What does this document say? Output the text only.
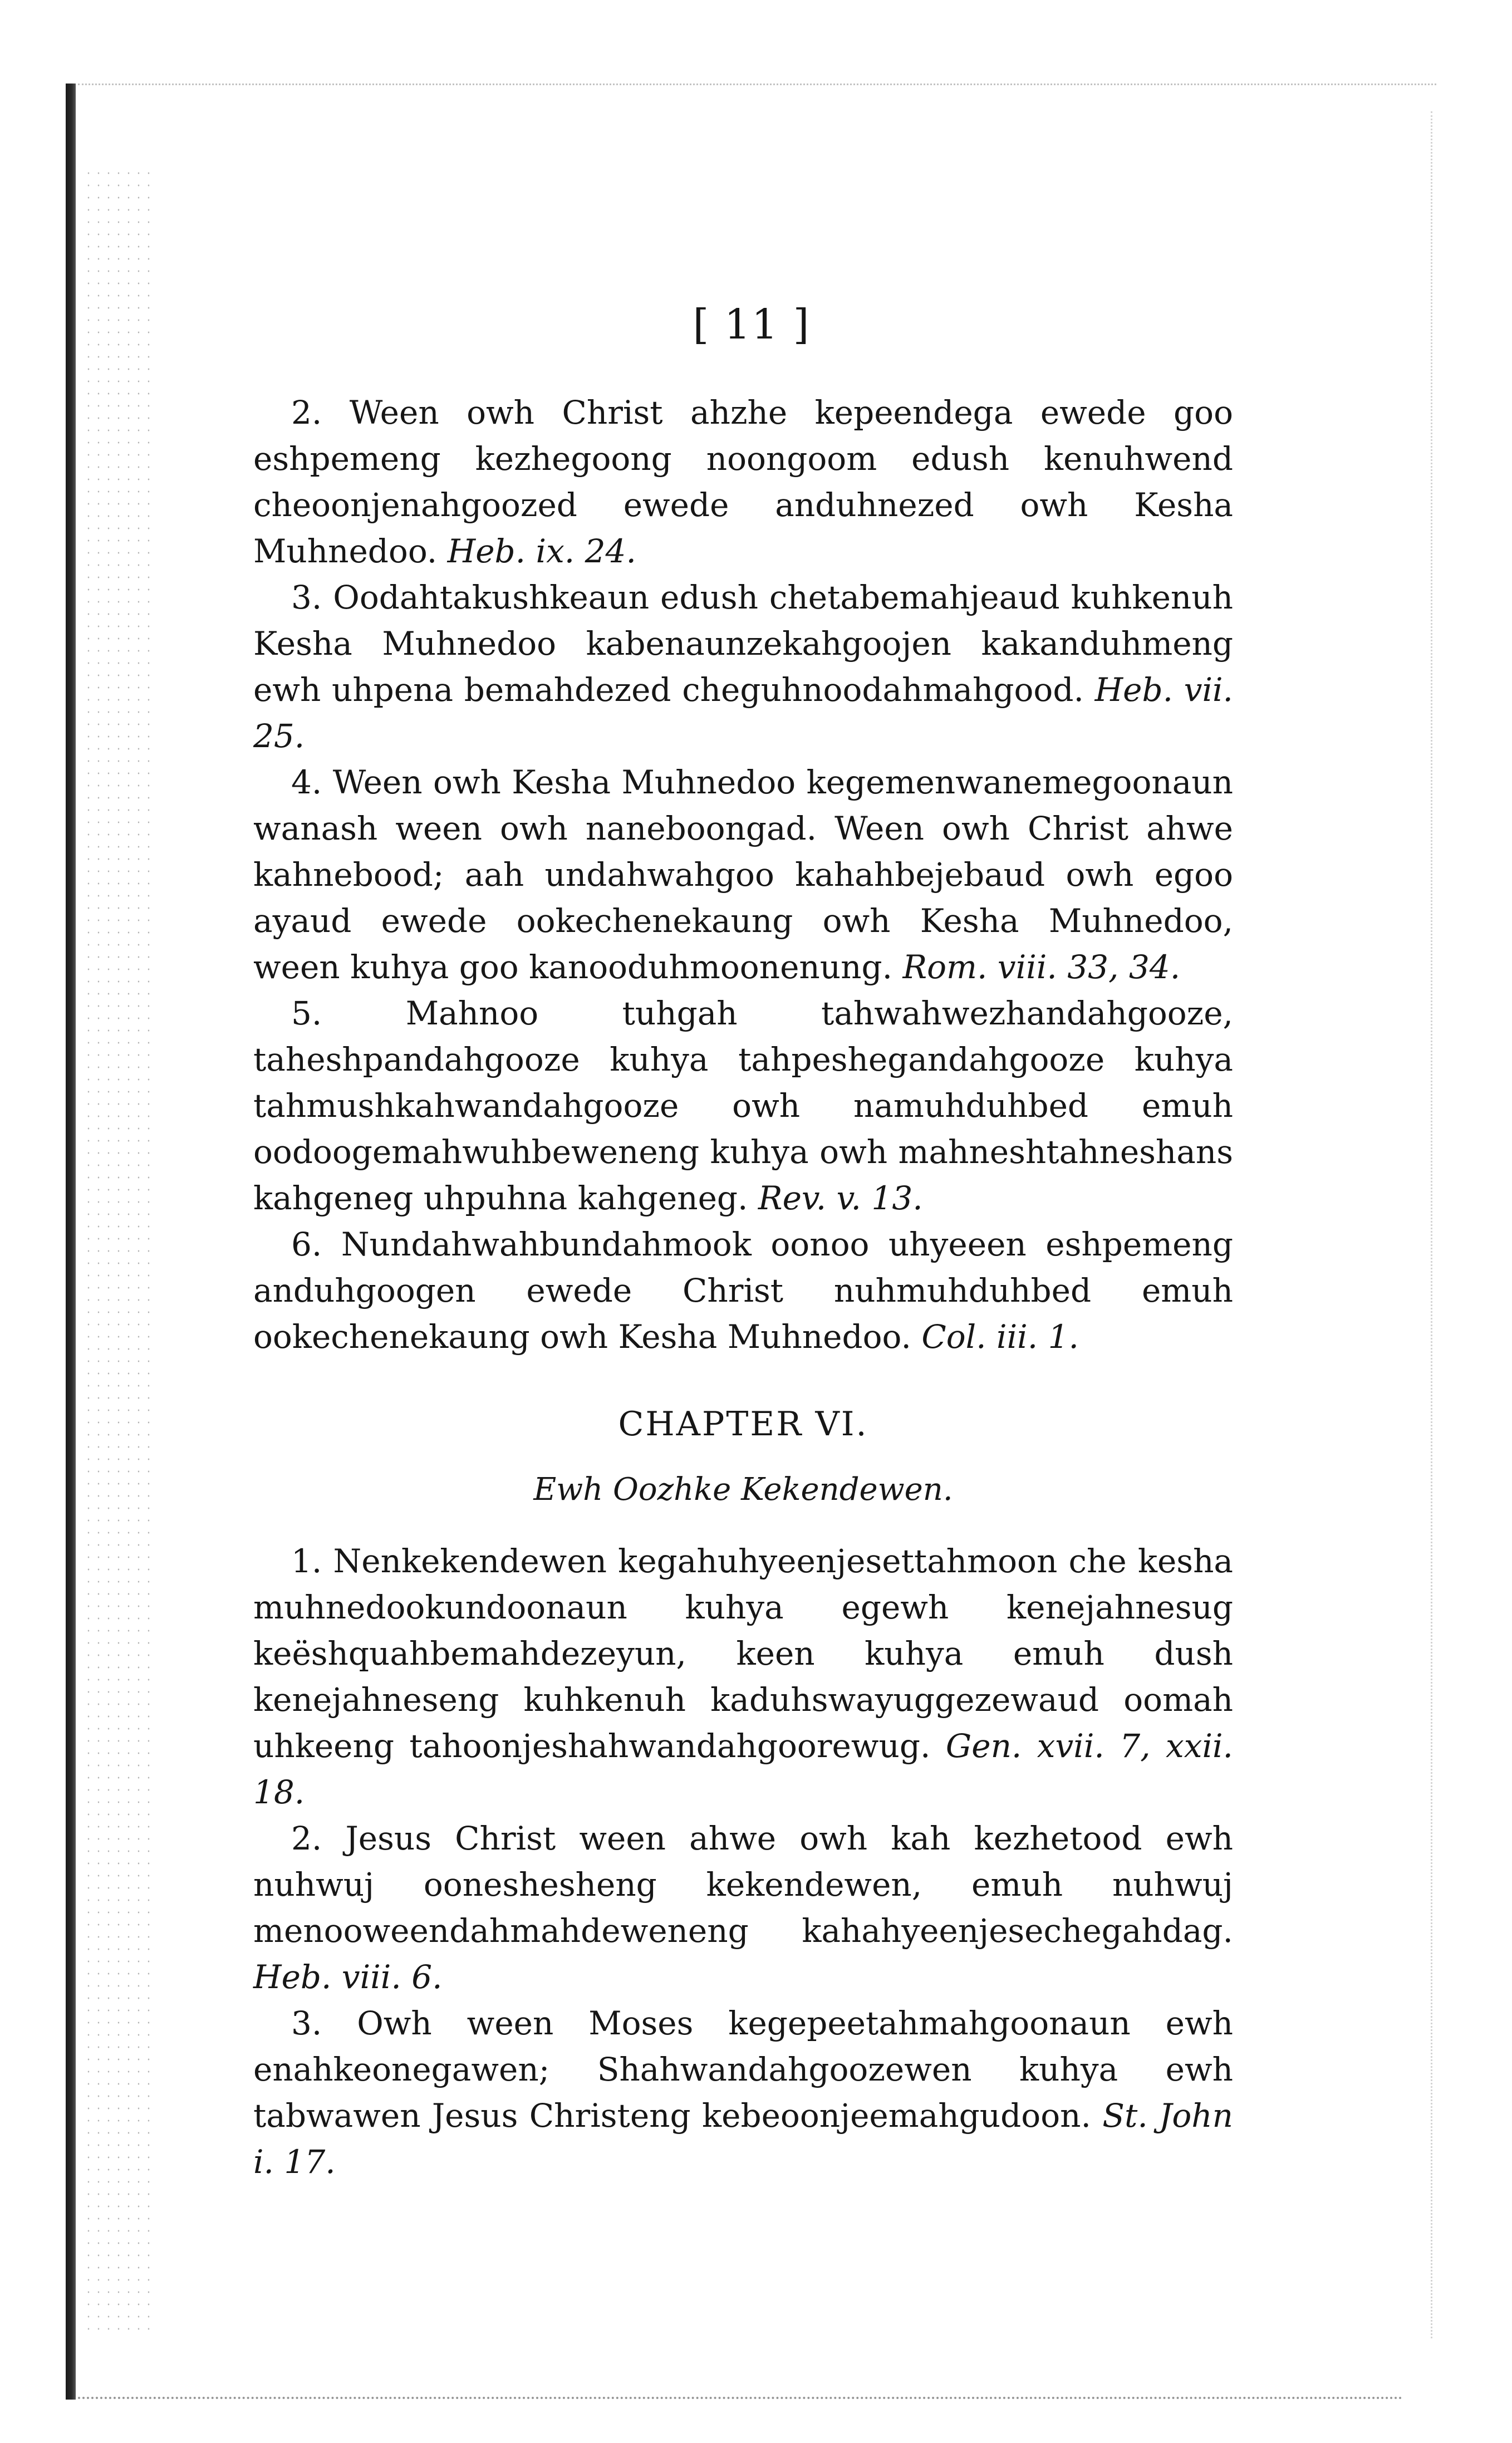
[ 11 ]

2. Ween owh Christ ahzhe kepeendega ewede goo eshpemeng kezhegoong noongoom edush kenuhwend cheoonjenahgoozed ewede anduhnezed owh Kesha Muhnedoo. Heb. ix. 24.

3. Oodahtakushkeaun edush chetabemahjeaud kuhkenuh Kesha Muhnedoo kabenaunzekahgoojen kakanduhmeng ewh uhpena bemahdezed cheguhnoodahmahgood. Heb. vii. 25.

4. Ween owh Kesha Muhnedoo kegemenwanemegoonaun wanash ween owh naneboongad. Ween owh Christ ahwe kahnebood; aah undahwahgoo kahahbejebaud owh egoo ayaud ewede ookechenekaung owh Kesha Muhnedoo, ween kuhya goo kanooduhmoonenung. Rom. viii. 33, 34.

5. Mahnoo tuhgah tahwahwezhandahgooze, taheshpandahgooze kuhya tahpeshegandahgooze kuhya tahmushkahwandahgooze owh namuhduhbed emuh oodoogemahwuhbeweneng kuhya owh mahneshtahneshans kahgeneg uhpuhna kahgeneg. Rev. v. 13.

6. Nundahwahbundahmook oonoo uhyeeen eshpemeng anduhgoogen ewede Christ nuhmuhduhbed emuh ookechenekaung owh Kesha Muhnedoo. Col. iii. 1.

CHAPTER VI.
Ewh Oozhke Kekendewen.

1. Nenkekendewen kegahuhyeenjesettahmoon che kesha muhnedookundoonaun kuhya egewh kenejahnesug keëshquahbemahdezeyun, keen kuhya emuh dush kenejahneseng kuhkenuh kaduhswayuggezewaud oomah uhkeeng tahoonjeshahwandahgoorewug. Gen. xvii. 7, xxii. 18.

2. Jesus Christ ween ahwe owh kah kezhetood ewh nuhwuj ooneshesheng kekendewen, emuh nuhwuj menooweendahmahdeweneng kahahyeenjesechegahdag. Heb. viii. 6.

3. Owh ween Moses kegepeetahmahgoonaun ewh enahkeonegawen; Shahwandahgoozewen kuhya ewh tabwawen Jesus Christeng kebeoonjeemahgudoon. St. John i. 17.
